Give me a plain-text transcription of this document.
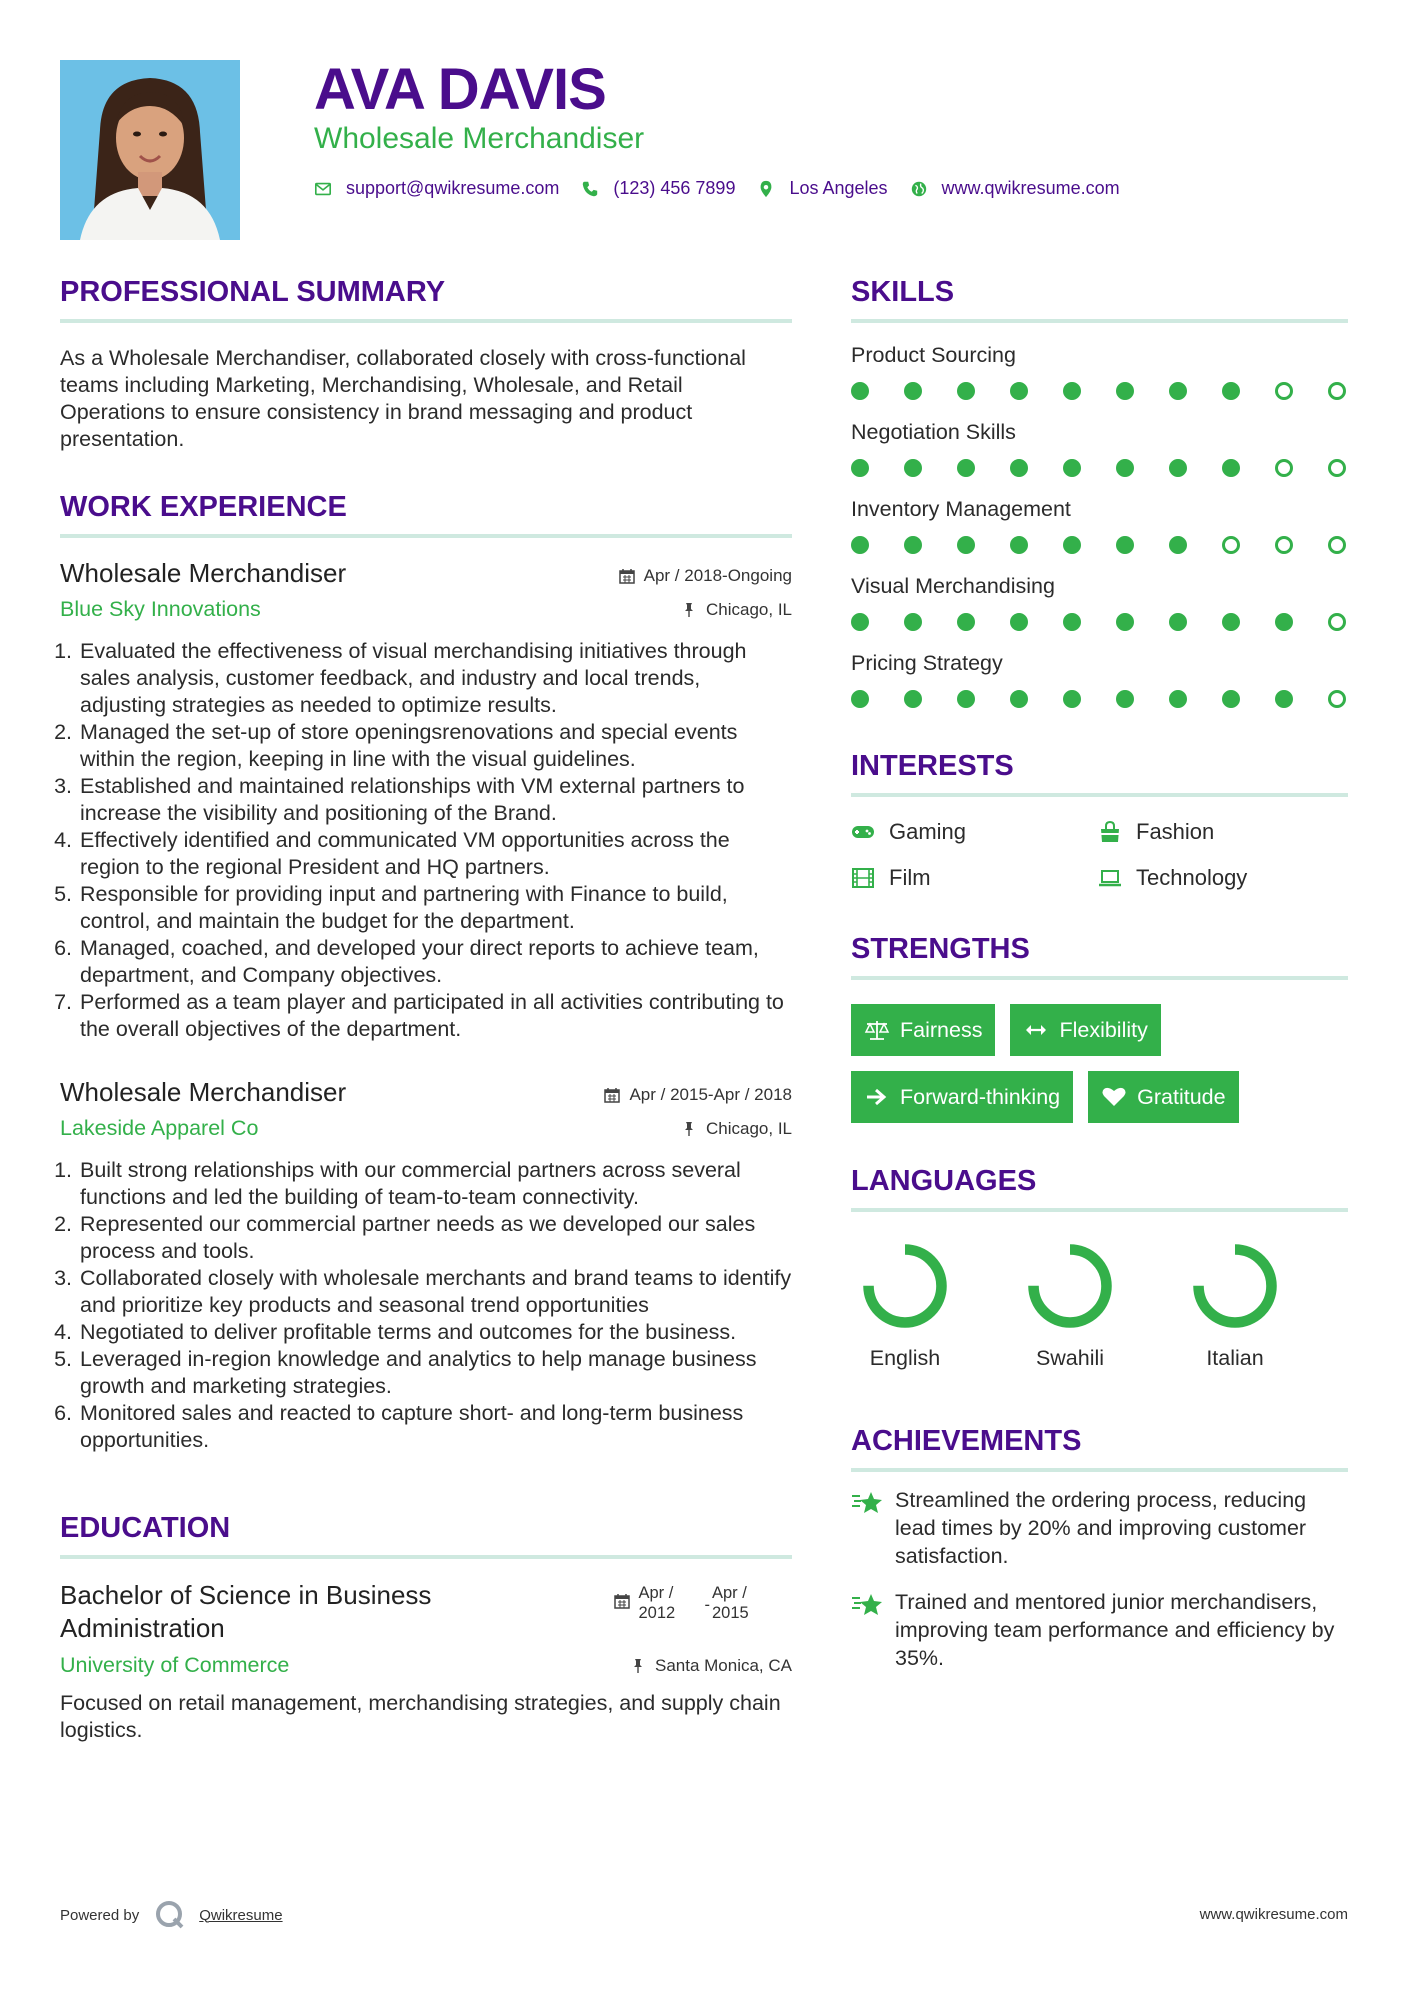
AVA DAVIS
Wholesale Merchandiser
support@qwikresume.com	(123) 456 7899	Los Angeles	www.qwikresume.com
PROFESSIONAL SUMMARY
As a Wholesale Merchandiser, collaborated closely with cross-functional teams including Marketing, Merchandising, Wholesale, and Retail Operations to ensure consistency in brand messaging and product presentation.
WORK EXPERIENCE
Wholesale Merchandiser	Apr / 2018-Ongoing
Blue Sky Innovations	Chicago, IL
1. Evaluated the effectiveness of visual merchandising initiatives through sales analysis, customer feedback, and industry and local trends, adjusting strategies as needed to optimize results.
2. Managed the set-up of store openingsrenovations and special events within the region, keeping in line with the visual guidelines.
3. Established and maintained relationships with VM external partners to increase the visibility and positioning of the Brand.
4. Effectively identified and communicated VM opportunities across the region to the regional President and HQ partners.
5. Responsible for providing input and partnering with Finance to build, control, and maintain the budget for the department.
6. Managed, coached, and developed your direct reports to achieve team, department, and Company objectives.
7. Performed as a team player and participated in all activities contributing to the overall objectives of the department.
Wholesale Merchandiser	Apr / 2015-Apr / 2018
Lakeside Apparel Co	Chicago, IL
1. Built strong relationships with our commercial partners across several functions and led the building of team-to-team connectivity.
2. Represented our commercial partner needs as we developed our sales process and tools.
3. Collaborated closely with wholesale merchants and brand teams to identify and prioritize key products and seasonal trend opportunities
4. Negotiated to deliver profitable terms and outcomes for the business.
5. Leveraged in-region knowledge and analytics to help manage business growth and marketing strategies.
6. Monitored sales and reacted to capture short- and long-term business opportunities.
EDUCATION
Bachelor of Science in Business Administration
Apr / 2012	-
Apr / 2015
University of Commerce	Santa Monica, CA
Focused on retail management, merchandising strategies, and supply chain logistics.
SKILLS
Product Sourcing
Negotiation Skills
Inventory Management
Visual Merchandising
Pricing Strategy
INTERESTS
Gaming	Fashion
Film	Technology
STRENGTHS
Fairness	Flexibility
Forward-thinking	Gratitude
LANGUAGES
English	Swahili	Italian
ACHIEVEMENTS
Streamlined the ordering process, reducing lead times by 20% and improving customer satisfaction.
Trained and mentored junior merchandisers, improving team performance and efficiency by 35%.
Powered by	Qwikresume	www.qwikresume.com
